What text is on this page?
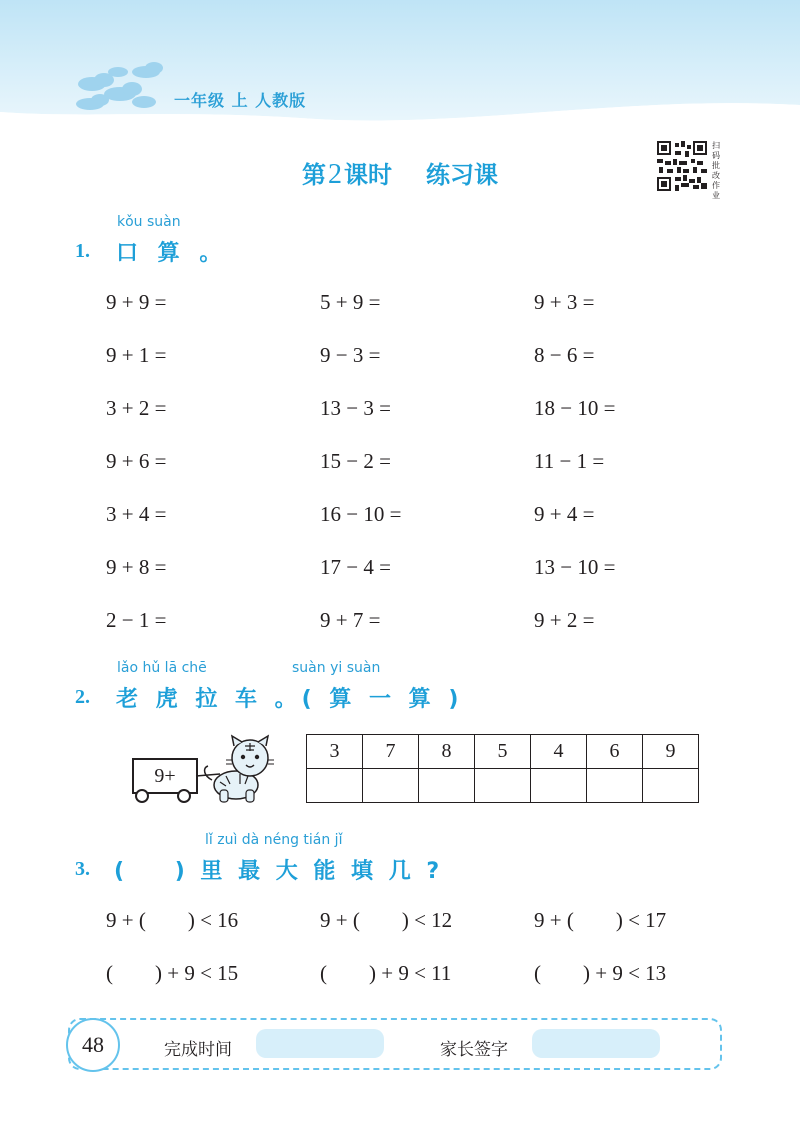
一年级 上 人教版
第2课时 练习课
扫码批改作业
kǒu suàn
1. 口 算 。
9 + 9 =	5 + 9 =	9 + 3 =
9 + 1 =	9 − 3 =	8 − 6 =
3 + 2 =	13 − 3 =	18 − 10 =
9 + 6 =	15 − 2 =	11 − 1 =
3 + 4 =	16 − 10 =	9 + 4 =
9 + 8 =	17 − 4 =	13 − 10 =
2 − 1 =	9 + 7 =	9 + 2 =
lǎo hǔ lā chē	suàn yi suàn
2. 老 虎 拉 车 。( 算 一 算 )
9+
3	7	8	5	4	6	9

lǐ zuì dà néng tián jǐ
3. (    ) 里 最 大 能 填 几 ?
9 + (        ) < 16	9 + (        ) < 12	9 + (        ) < 17
(        ) + 9 < 15	(        ) + 9 < 11	(        ) + 9 < 13
48	完成时间	家长签字
